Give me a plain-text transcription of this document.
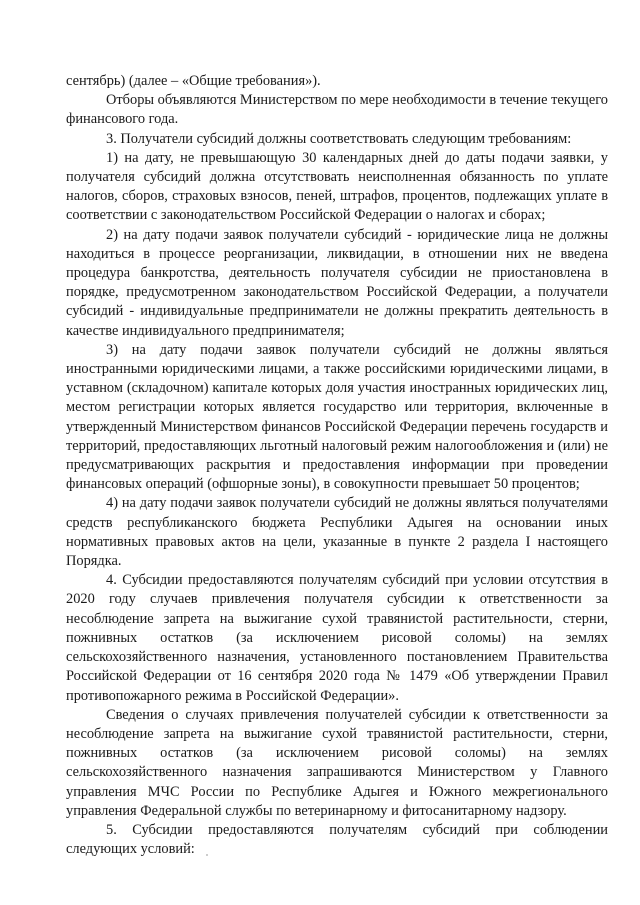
сентябрь) (далее – «Общие требования»).

Отборы объявляются Министерством по мере необходимости в течение текущего финансового года.

3. Получатели субсидий должны соответствовать следующим требованиям:

1) на дату, не превышающую 30 календарных дней до даты подачи заявки, у получателя субсидий должна отсутствовать неисполненная обязанность по уплате налогов, сборов, страховых взносов, пеней, штрафов, процентов, подлежащих уплате в соответствии с законодательством Российской Федерации о налогах и сборах;

2) на дату подачи заявок получатели субсидий - юридические лица не должны находиться в процессе реорганизации, ликвидации, в отношении них не введена процедура банкротства, деятельность получателя субсидии не приостановлена в порядке, предусмотренном законодательством Российской Федерации, а получатели субсидий - индивидуальные предприниматели не должны прекратить деятельность в качестве индивидуального предпринимателя;

3) на дату подачи заявок получатели субсидий не должны являться иностранными юридическими лицами, а также российскими юридическими лицами, в уставном (складочном) капитале которых доля участия иностранных юридических лиц, местом регистрации которых является государство или территория, включенные в утвержденный Министерством финансов Российской Федерации перечень государств и территорий, предоставляющих льготный налоговый режим налогообложения и (или) не предусматривающих раскрытия и предоставления информации при проведении финансовых операций (офшорные зоны), в совокупности превышает 50 процентов;

4) на дату подачи заявок получатели субсидий не должны являться получателями средств республиканского бюджета Республики Адыгея на основании иных нормативных правовых актов на цели, указанные в пункте 2 раздела I настоящего Порядка.

4. Субсидии предоставляются получателям субсидий при условии отсутствия в 2020 году случаев привлечения получателя субсидии к ответственности за несоблюдение запрета на выжигание сухой травянистой растительности, стерни, пожнивных остатков (за исключением рисовой соломы) на землях сельскохозяйственного назначения, установленного постановлением Правительства Российской Федерации от 16 сентября 2020 года № 1479 «Об утверждении Правил противопожарного режима в Российской Федерации».

Сведения о случаях привлечения получателей субсидии к ответственности за несоблюдение запрета на выжигание сухой травянистой растительности, стерни, пожнивных остатков (за исключением рисовой соломы) на землях сельскохозяйственного назначения запрашиваются Министерством у Главного управления МЧС России по Республике Адыгея и Южного межрегионального управления Федеральной службы по ветеринарному и фитосанитарному надзору.

5. Субсидии предоставляются получателям субсидий при соблюдении следующих условий:
